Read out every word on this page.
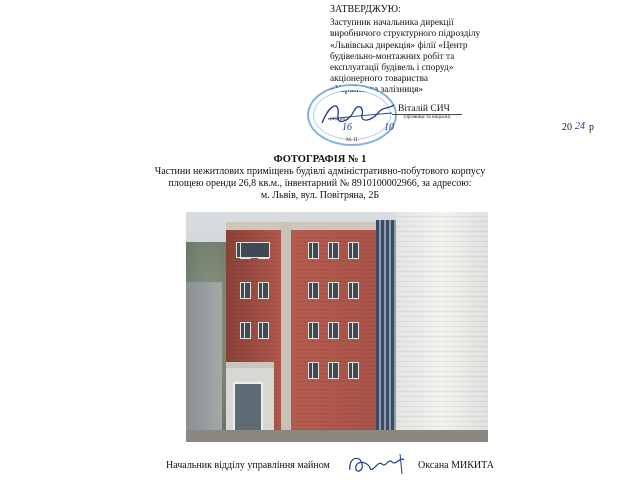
ЗАТВЕРДЖУЮ:
Заступник начальника дирекції
виробничого структурного підрозділу
«Львівська дирекція» філії «Центр
будівельно-монтажних робіт та
експлуатації будівель і споруд»
акціонерного товариства
«Українська залізниця»
(підпис)
Віталій СИЧ
(прізвище та ініціали)
16	10	20 24 р
М. П.
ФОТОГРАФІЯ № 1
Частини нежитлових приміщень будівлі адміністративно-побутового корпусу
площею оренди 26,8 кв.м., інвентарний № 8910100002966, за адресою:
м. Львів, вул. Повітряна, 2Б
Начальник відділу управління майном	Оксана МИКИТА
